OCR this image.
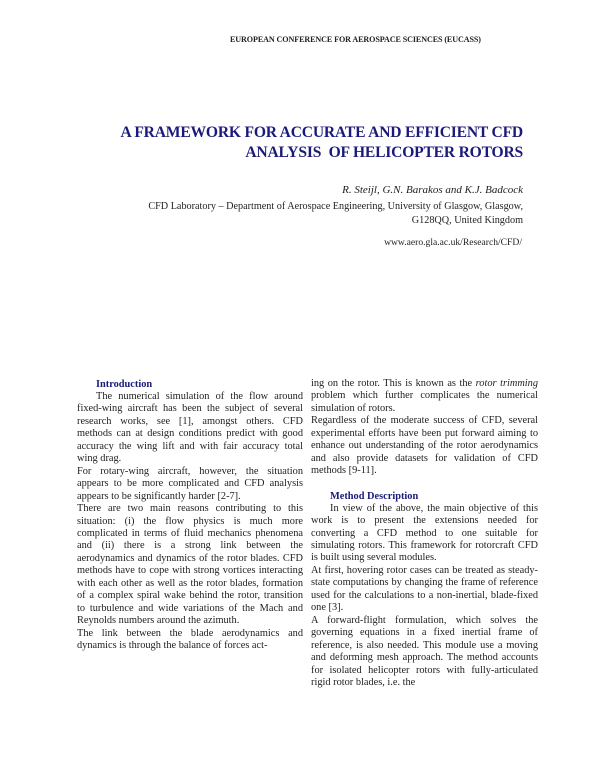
EUROPEAN CONFERENCE FOR AEROSPACE SCIENCES (EUCASS)
A FRAMEWORK FOR ACCURATE AND EFFICIENT CFD
ANALYSIS  OF HELICOPTER ROTORS
R. Steijl, G.N. Barakos and K.J. Badcock
CFD Laboratory – Department of Aerospace Engineering, University of Glasgow, Glasgow,
G128QQ, United Kingdom
www.aero.gla.ac.uk/Research/CFD/
Introduction

The numerical simulation of the flow around fixed-wing aircraft has been the subject of several research works, see [1], amongst others. CFD methods can at design conditions predict with good accuracy the wing lift and with fair accuracy total wing drag.

For rotary-wing aircraft, however, the situation appears to be more complicated and CFD analysis appears to be significantly harder [2-7].

There are two main reasons contributing to this situation: (i) the flow physics is much more complicated in terms of fluid mechanics phenomena and (ii) there is a strong link between the aerodynamics and dynamics of the rotor blades. CFD methods have to cope with strong vortices interacting with each other as well as the rotor blades, formation of a complex spiral wake behind the rotor, transition to turbulence and wide variations of the Mach and Reynolds numbers around the azimuth.

The link between the blade aerodynamics and dynamics is through the balance of forces act-

ing on the rotor. This is known as the rotor trimming problem which further complicates the numerical simulation of rotors.

Regardless of the moderate success of CFD, several experimental efforts have been put forward aiming to enhance out understanding of the rotor aerodynamics and also provide datasets for validation of CFD methods [9-11].

Method Description

In view of the above, the main objective of this work is to present the extensions needed for converting a CFD method to one suitable for simulating rotors. This framework for rotorcraft CFD is built using several modules.

At first, hovering rotor cases can be treated as steady-state computations by changing the frame of reference used for the calculations to a non-inertial, blade-fixed one [3].

A forward-flight formulation, which solves the governing equations in a fixed inertial frame of reference, is also needed. This module use a moving and deforming mesh approach. The method accounts for isolated helicopter rotors with fully-articulated rigid rotor blades, i.e. the
